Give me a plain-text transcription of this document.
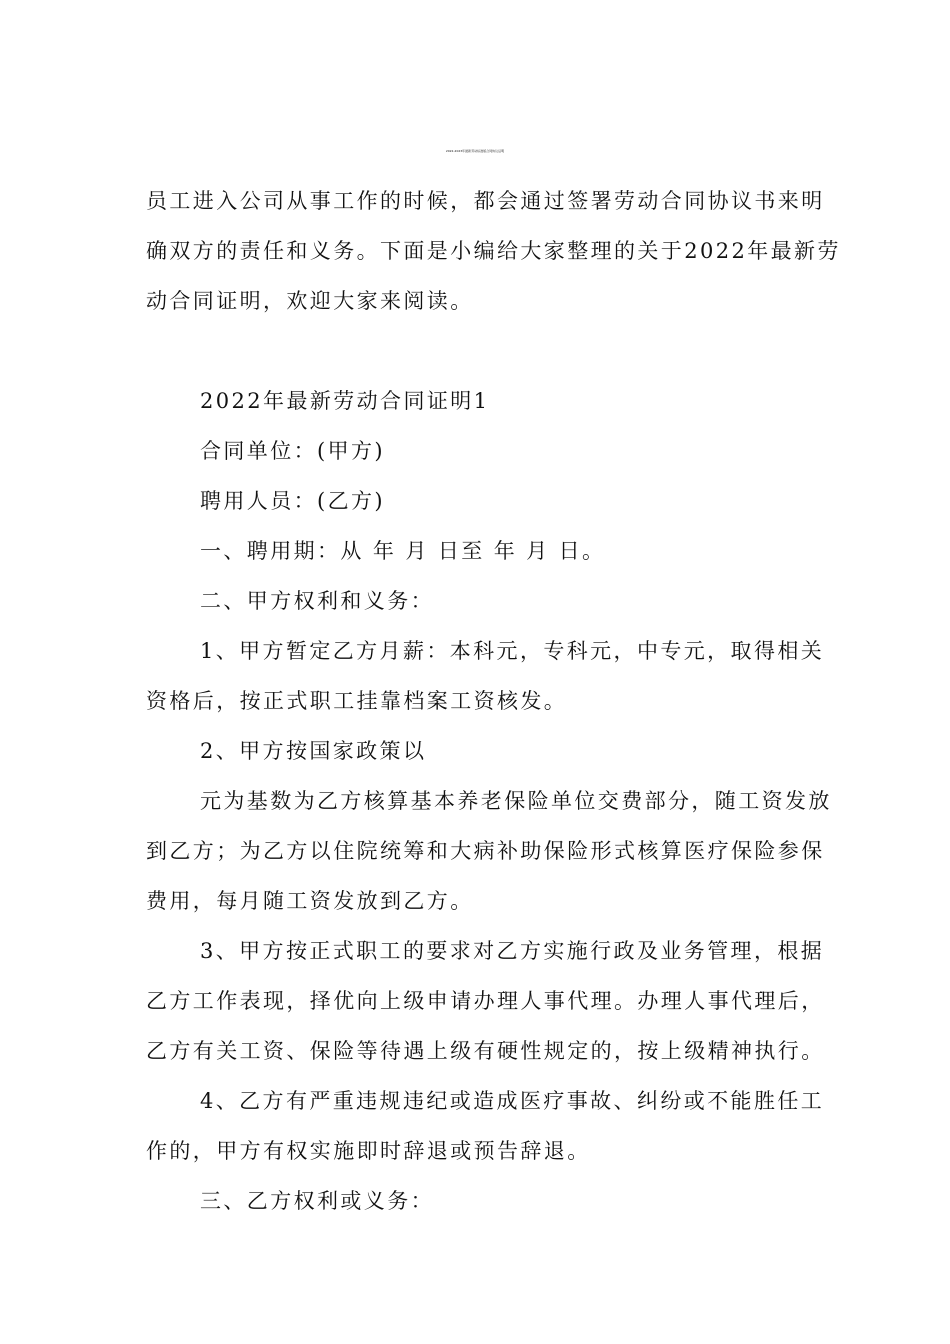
2022-2023年最新劳动标准版合同协议证明
员工进入公司从事工作的时候，都会通过签署劳动合同协议书来明
确双方的责任和义务。下面是小编给大家整理的关于2022年最新劳
动合同证明，欢迎大家来阅读。
2022年最新劳动合同证明1
合同单位：(甲方)
聘用人员：(乙方)
一、聘用期：从 年 月 日至 年 月 日。
二、甲方权利和义务：
1、甲方暂定乙方月薪：本科元，专科元，中专元，取得相关
资格后，按正式职工挂靠档案工资核发。
2、甲方按国家政策以
元为基数为乙方核算基本养老保险单位交费部分，随工资发放
到乙方；为乙方以住院统筹和大病补助保险形式核算医疗保险参保
费用，每月随工资发放到乙方。
3、甲方按正式职工的要求对乙方实施行政及业务管理，根据
乙方工作表现，择优向上级申请办理人事代理。办理人事代理后，
乙方有关工资、保险等待遇上级有硬性规定的，按上级精神执行。
4、乙方有严重违规违纪或造成医疗事故、纠纷或不能胜任工
作的，甲方有权实施即时辞退或预告辞退。
三、乙方权利或义务：
